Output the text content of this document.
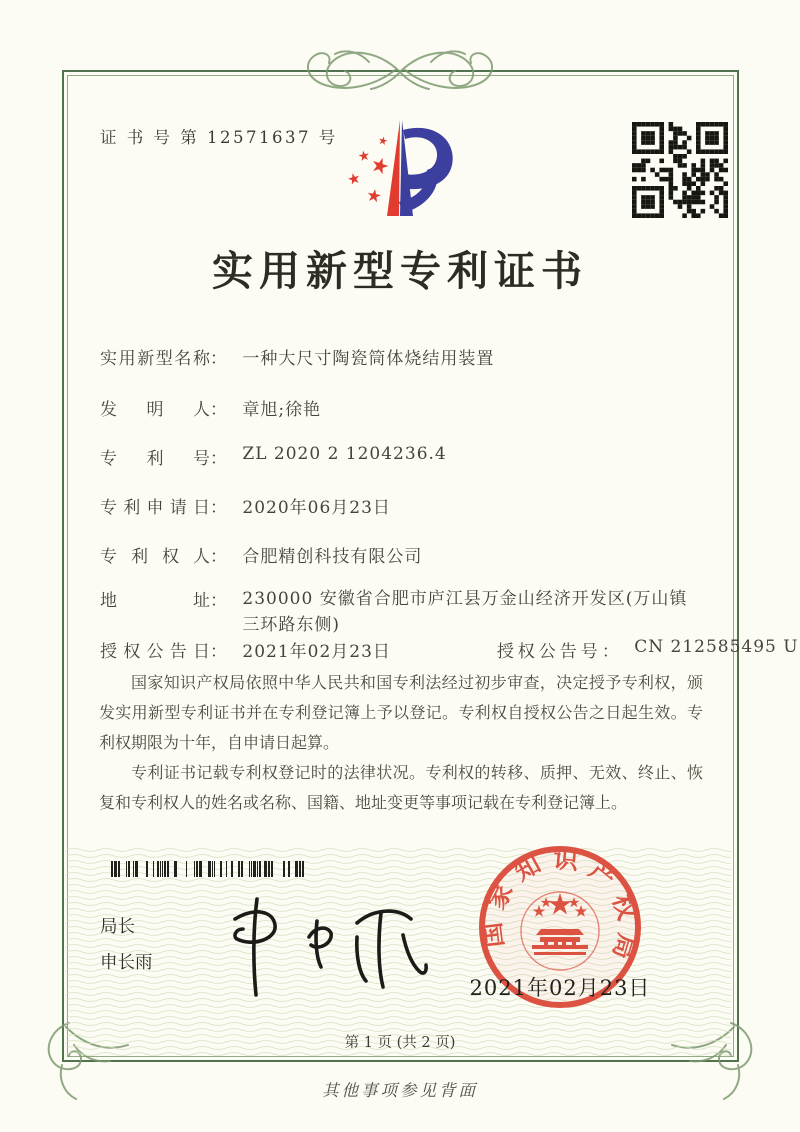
证 书 号 第 12571637 号
实用新型专利证书
实用新型名称： 一种大尺寸陶瓷筒体烧结用装置
发明人： 章旭;徐艳
专利号： ZL 2020 2 1204236.4
专利申请日： 2020年06月23日
专利权人： 合肥精创科技有限公司
地址： 230000 安徽省合肥市庐江县万金山经济开发区(万山镇三环路东侧)
授权公告日： 2021年02月23日	授权公告号： CN 212585495 U

国家知识产权局依照中华人民共和国专利法经过初步审查，决定授予专利权，颁发实用新型专利证书并在专利登记簿上予以登记。专利权自授权公告之日起生效。专利权期限为十年，自申请日起算。

专利证书记载专利权登记时的法律状况。专利权的转移、质押、无效、终止、恢复和专利权人的姓名或名称、国籍、地址变更等事项记载在专利登记簿上。

局长
申长雨
国家知识产权局
2021年02月23日
第 1 页 (共 2 页)
其他事项参见背面
